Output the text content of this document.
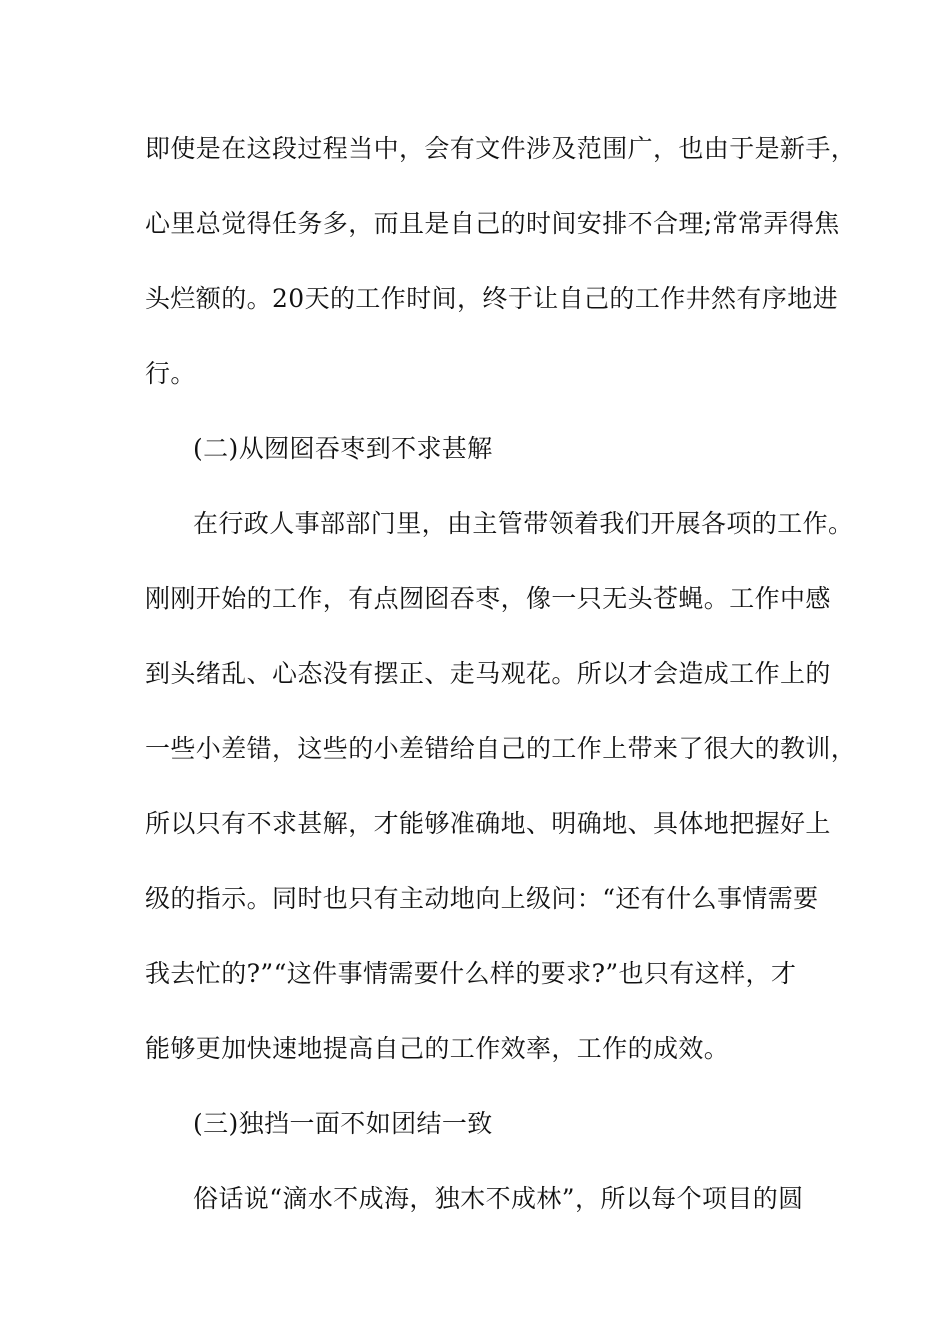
即使是在这段过程当中，会有文件涉及范围广，也由于是新手，
心里总觉得任务多，而且是自己的时间安排不合理;常常弄得焦
头烂额的。20天的工作时间，终于让自己的工作井然有序地进
行。
(二)从囫囵吞枣到不求甚解
在行政人事部部门里，由主管带领着我们开展各项的工作。
刚刚开始的工作，有点囫囵吞枣，像一只无头苍蝇。工作中感
到头绪乱、心态没有摆正、走马观花。所以才会造成工作上的
一些小差错，这些的小差错给自己的工作上带来了很大的教训，
所以只有不求甚解，才能够准确地、明确地、具体地把握好上
级的指示。同时也只有主动地向上级问：“还有什么事情需要
我去忙的?”“这件事情需要什么样的要求?”也只有这样，才
能够更加快速地提高自己的工作效率，工作的成效。
(三)独挡一面不如团结一致
俗话说“滴水不成海，独木不成林”，所以每个项目的圆
